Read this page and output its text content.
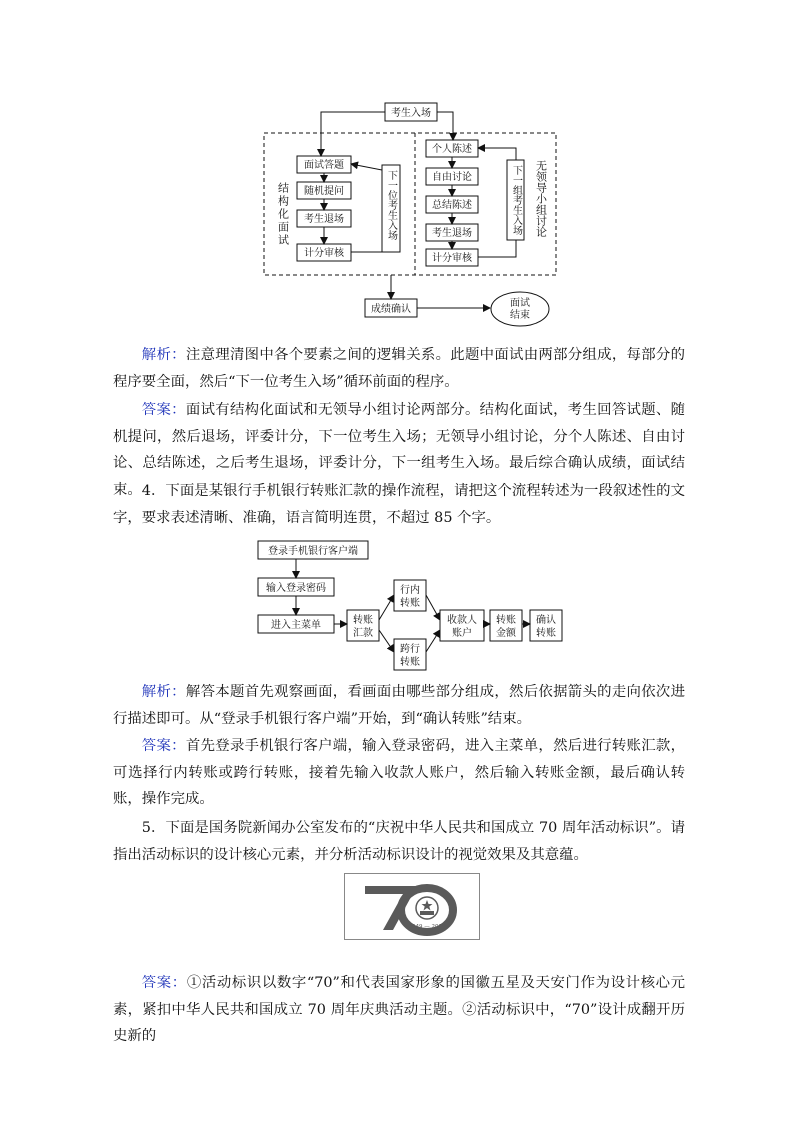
考生入场
面试答题
随机提问
考生退场
计分审核
个人陈述
自由讨论
总结陈述
考生退场
计分审核
成绩确认
结构化面试	下一位考生入场	下一组考生入场 无领导小组讨论
面试
结束

解析：注意理清图中各个要素之间的逻辑关系。此题中面试由两部分组成，每部分的程序要全面，然后“下一位考生入场”循环前面的程序。

答案：面试有结构化面试和无领导小组讨论两部分。结构化面试，考生回答试题、随机提问，然后退场，评委计分，下一位考生入场；无领导小组讨论，分个人陈述、自由讨论、总结陈述，之后考生退场，评委计分，下一组考生入场。最后综合确认成绩，面试结束。 4．下面是某银行手机银行转账汇款的操作流程，请把这个流程转述为一段叙述性的文字，要求表述清晰、准确，语言简明连贯，不超过 85 个字。

登录手机银行客户端
输入登录密码
进入主菜单	转账
汇款
行内
转账
跨行
转账
收款人
账户
转账
金额
确认
转账

解析：解答本题首先观察画面，看画面由哪些部分组成，然后依据箭头的走向依次进行描述即可。从“登录手机银行客户端”开始，到“确认转账”结束。

答案：首先登录手机银行客户端，输入登录密码，进入主菜单，然后进行转账汇款，可选择行内转账或跨行转账，接着先输入收款人账户，然后输入转账金额，最后确认转账，操作完成。

5．下面是国务院新闻办公室发布的“庆祝中华人民共和国成立 70 周年活动标识”。请指出活动标识的设计核心元素，并分析活动标识设计的视觉效果及其意蕴。

1949 — 2019

答案：①活动标识以数字“70”和代表国家形象的国徽五星及天安门作为设计核心元素，紧扣中华人民共和国成立 70 周年庆典活动主题。②活动标识中，“70”设计成翻开历史新的
